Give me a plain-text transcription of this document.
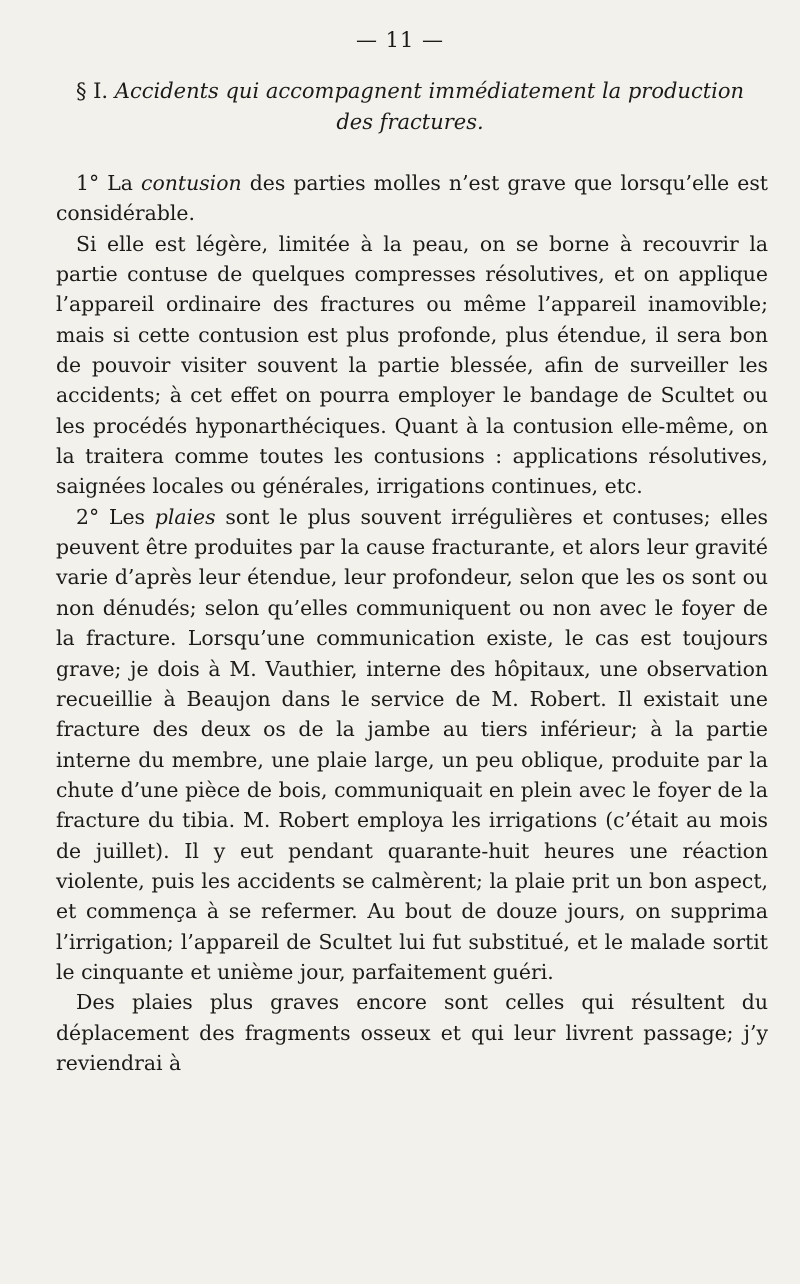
— 11 —
§ I. Accidents qui accompagnent immédiatement la production des fractures.

1° La contusion des parties molles n’est grave que lorsqu’elle est considérable.

Si elle est légère, limitée à la peau, on se borne à recouvrir la partie contuse de quelques compresses résolutives, et on applique l’appareil ordinaire des fractures ou même l’appareil inamovible; mais si cette contusion est plus profonde, plus étendue, il sera bon de pouvoir visiter souvent la partie blessée, afin de surveiller les accidents; à cet effet on pourra employer le bandage de Scultet ou les procédés hyponarthéciques. Quant à la contusion elle-même, on la traitera comme toutes les contusions : applications résolutives, saignées locales ou générales, irrigations continues, etc.

2° Les plaies sont le plus souvent irrégulières et contuses; elles peuvent être produites par la cause fracturante, et alors leur gravité varie d’après leur étendue, leur profondeur, selon que les os sont ou non dénudés; selon qu’elles communiquent ou non avec le foyer de la fracture. Lorsqu’une communication existe, le cas est toujours grave; je dois à M. Vauthier, interne des hôpitaux, une observation recueillie à Beaujon dans le service de M. Robert. Il existait une fracture des deux os de la jambe au tiers inférieur; à la partie interne du membre, une plaie large, un peu oblique, produite par la chute d’une pièce de bois, communiquait en plein avec le foyer de la fracture du tibia. M. Robert employa les irrigations (c’était au mois de juillet). Il y eut pendant quarante-huit heures une réaction violente, puis les accidents se calmèrent; la plaie prit un bon aspect, et commença à se refermer. Au bout de douze jours, on supprima l’irrigation; l’appareil de Scultet lui fut substitué, et le malade sortit le cinquante et unième jour, parfaitement guéri.

Des plaies plus graves encore sont celles qui résultent du déplacement des fragments osseux et qui leur livrent passage; j’y reviendrai à
